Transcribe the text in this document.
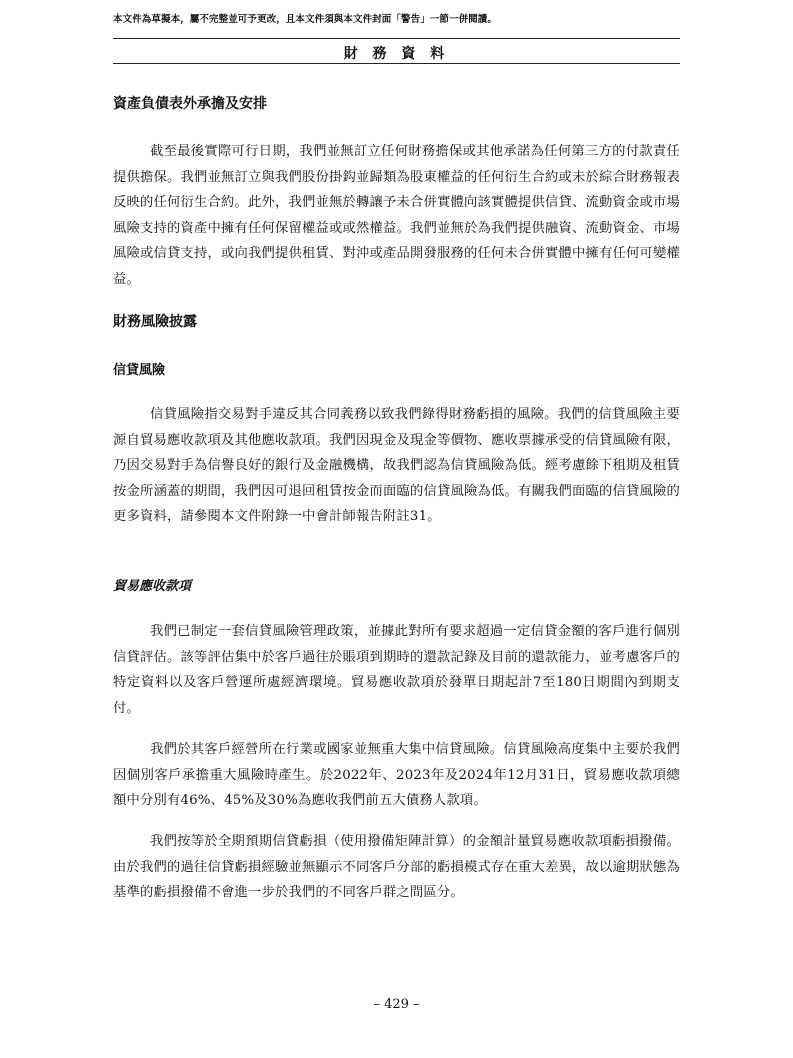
本文件為草擬本，屬不完整並可予更改，且本文件須與本文件封面「警告」一節一併閱讀。
財 務 資 料
資產負債表外承擔及安排
截至最後實際可行日期，我們並無訂立任何財務擔保或其他承諾為任何第三方的付款責任提供擔保。我們並無訂立與我們股份掛鈎並歸類為股東權益的任何衍生合約或未於綜合財務報表反映的任何衍生合約。此外，我們並無於轉讓予未合併實體向該實體提供信貸、流動資金或市場風險支持的資產中擁有任何保留權益或或然權益。我們並無於為我們提供融資、流動資金、市場風險或信貸支持，或向我們提供租賃、對沖或產品開發服務的任何未合併實體中擁有任何可變權益。
財務風險披露
信貸風險
信貸風險指交易對手違反其合同義務以致我們錄得財務虧損的風險。我們的信貸風險主要源自貿易應收款項及其他應收款項。我們因現金及現金等價物、應收票據承受的信貸風險有限，乃因交易對手為信譽良好的銀行及金融機構，故我們認為信貸風險為低。經考慮餘下租期及租賃按金所涵蓋的期間，我們因可退回租賃按金而面臨的信貸風險為低。有關我們面臨的信貸風險的更多資料，請參閱本文件附錄一中會計師報告附註31。
貿易應收款項
我們已制定一套信貸風險管理政策，並據此對所有要求超過一定信貸金額的客戶進行個別信貸評估。該等評估集中於客戶過往於賬項到期時的還款記錄及目前的還款能力，並考慮客戶的特定資料以及客戶營運所處經濟環境。貿易應收款項於發單日期起計7至180日期間內到期支付。
我們於其客戶經營所在行業或國家並無重大集中信貸風險。信貸風險高度集中主要於我們因個別客戶承擔重大風險時產生。於2022年、2023年及2024年12月31日，貿易應收款項總額中分別有46%、45%及30%為應收我們前五大債務人款項。
我們按等於全期預期信貸虧損（使用撥備矩陣計算）的金額計量貿易應收款項虧損撥備。由於我們的過往信貸虧損經驗並無顯示不同客戶分部的虧損模式存在重大差異，故以逾期狀態為基準的虧損撥備不會進一步於我們的不同客戶群之間區分。
– 429 –
